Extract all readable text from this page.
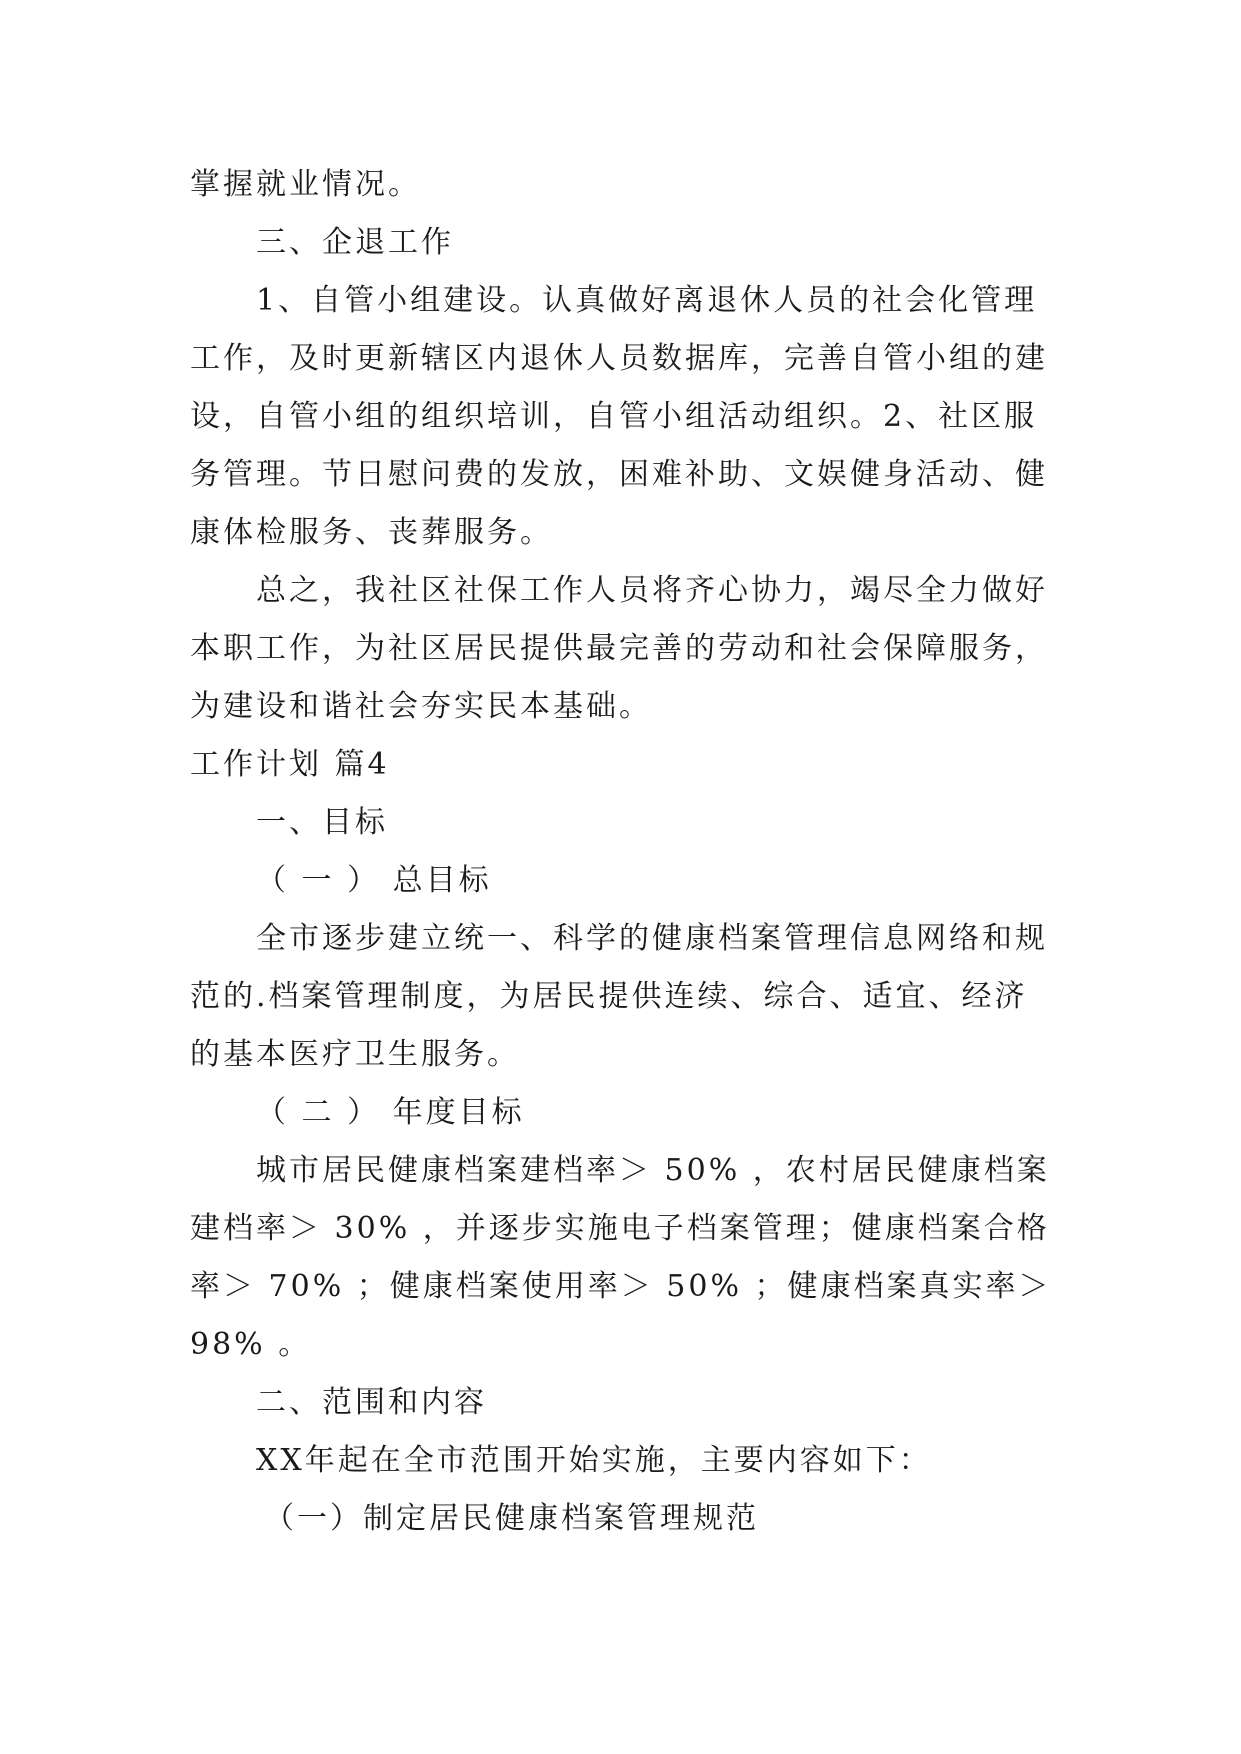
掌握就业情况。
三、企退工作
1、自管小组建设。认真做好离退休人员的社会化管理
工作，及时更新辖区内退休人员数据库，完善自管小组的建
设，自管小组的组织培训，自管小组活动组织。2、社区服
务管理。节日慰问费的发放，困难补助、文娱健身活动、健
康体检服务、丧葬服务。
总之，我社区社保工作人员将齐心协力，竭尽全力做好
本职工作，为社区居民提供最完善的劳动和社会保障服务，
为建设和谐社会夯实民本基础。
工作计划 篇4
一、目标
（ 一 ） 总目标
全市逐步建立统一、科学的健康档案管理信息网络和规
范的.档案管理制度，为居民提供连续、综合、适宜、经济
的基本医疗卫生服务。
（ 二 ） 年度目标
城市居民健康档案建档率＞ 50% ，农村居民健康档案
建档率＞ 30% ，并逐步实施电子档案管理；健康档案合格
率＞ 70% ；健康档案使用率＞ 50% ；健康档案真实率＞
98% 。
二、范围和内容
XX年起在全市范围开始实施，主要内容如下：
（一）制定居民健康档案管理规范
